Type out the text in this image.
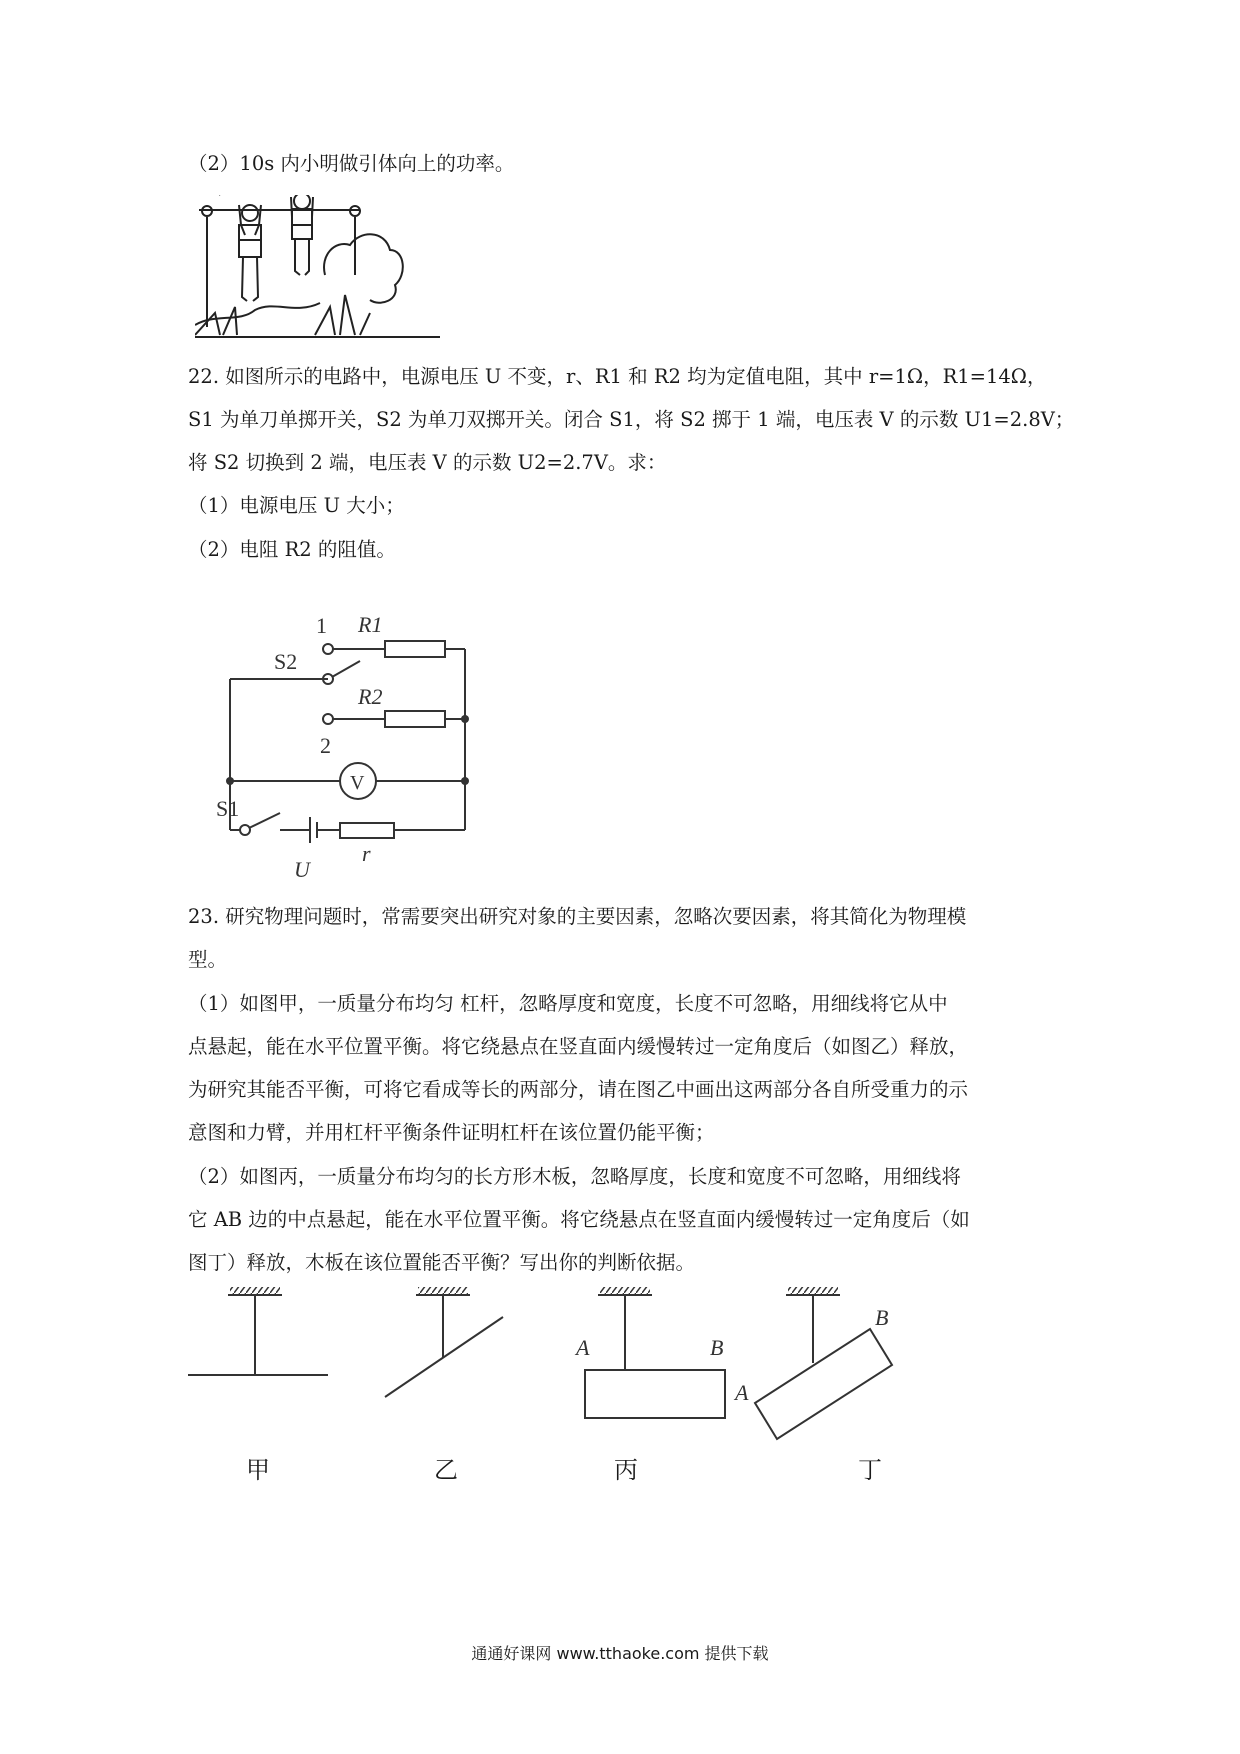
（2）10s 内小明做引体向上的功率。
22. 如图所示的电路中，电源电压 U 不变，r、R1 和 R2 均为定值电阻，其中 r=1Ω，R1=14Ω，
S1 为单刀单掷开关，S2 为单刀双掷开关。闭合 S1，将 S2 掷于 1 端，电压表 V 的示数 U1=2.8V；
将 S2 切换到 2 端，电压表 V 的示数 U2=2.7V。求：
（1）电源电压 U 大小；
（2）电阻 R2 的阻值。
1 R1
S2
R2
2
V
S1
U
r
23. 研究物理问题时，常需要突出研究对象的主要因素，忽略次要因素，将其简化为物理模
型。
（1）如图甲，一质量分布均匀 杠杆，忽略厚度和宽度，长度不可忽略，用细线将它从中
点悬起，能在水平位置平衡。将它绕悬点在竖直面内缓慢转过一定角度后（如图乙）释放，
为研究其能否平衡，可将它看成等长的两部分，请在图乙中画出这两部分各自所受重力的示
意图和力臂，并用杠杆平衡条件证明杠杆在该位置仍能平衡；
（2）如图丙，一质量分布均匀的长方形木板，忽略厚度，长度和宽度不可忽略，用细线将
它 AB 边的中点悬起，能在水平位置平衡。将它绕悬点在竖直面内缓慢转过一定角度后（如
图丁）释放，木板在该位置能否平衡？写出你的判断依据。
A	B
A
B
甲	乙	丙	丁
通通好课网 www.tthaoke.com 提供下载
